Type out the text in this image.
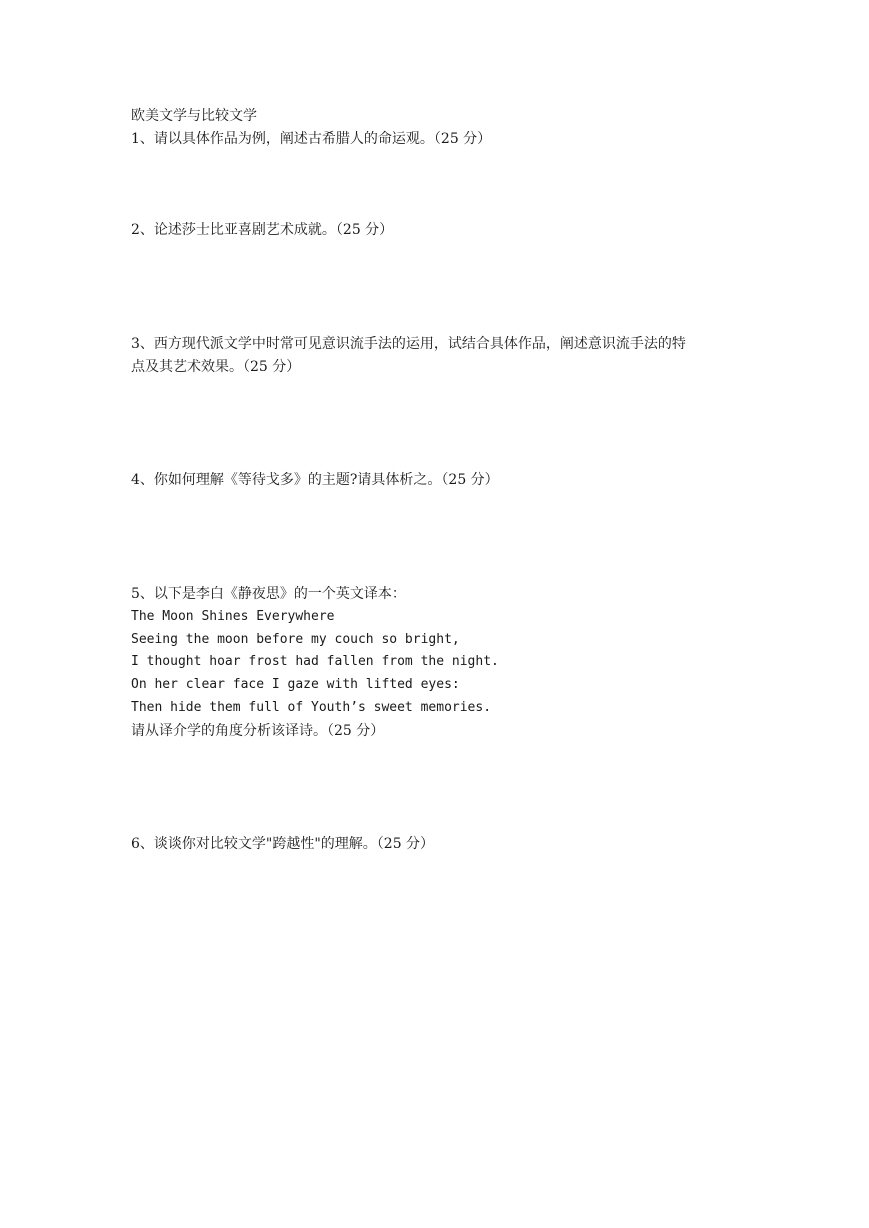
欧美文学与比较文学

1、请以具体作品为例，阐述古希腊人的命运观。（25 分）

2、论述莎士比亚喜剧艺术成就。（25 分）

3、西方现代派文学中时常可见意识流手法的运用，试结合具体作品，阐述意识流手法的特

点及其艺术效果。（25 分）

4、你如何理解《等待戈多》的主题?请具体析之。（25 分）

5、以下是李白《静夜思》的一个英文译本：

The Moon Shines Everywhere

Seeing the moon before my couch so bright,

I thought hoar frost had fallen from the night.

On her clear face I gaze with lifted eyes:

Then hide them full of Youth’s sweet memories.

请从译介学的角度分析该译诗。（25 分）

6、谈谈你对比较文学"跨越性"的理解。（25 分）
